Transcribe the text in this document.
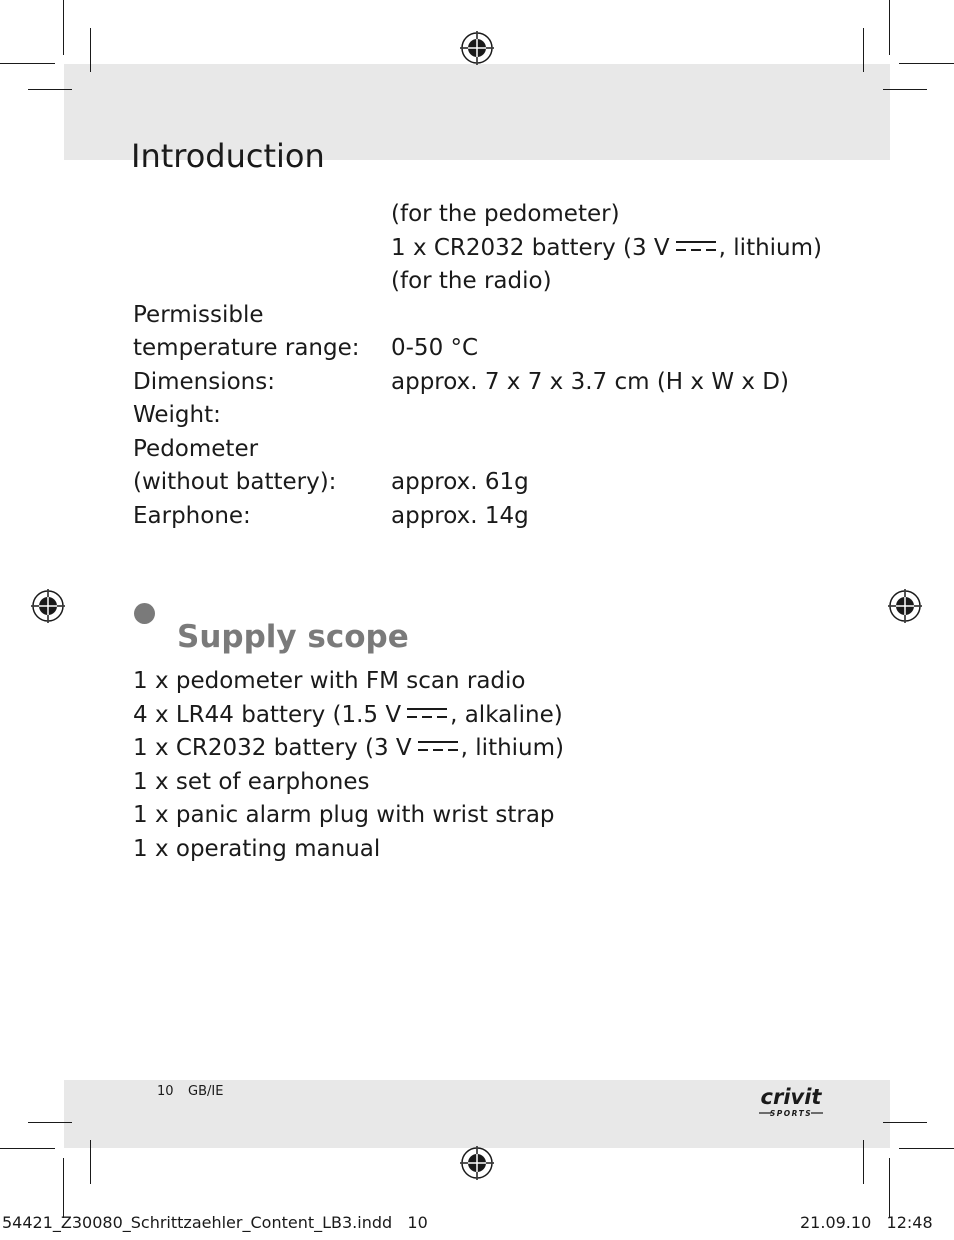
Introduction
(for the pedometer)
1 x CR2032 battery (3 V , lithium)
(for the radio)
Permissible
temperature range: 0-50 °C
Dimensions:	approx. 7 x 7 x 3.7 cm (H x W x D)
Weight:
Pedometer
(without battery): approx. 61g
Earphone:	approx. 14g
Supply scope
1 x pedometer with FM scan radio
4 x LR44 battery (1.5 V , alkaline)
1 x CR2032 battery (3 V , lithium)
1 x set of earphones
1 x panic alarm plug with wrist strap
1 x operating manual
10 GB/IE	crivit
SPORTS
54421_Z30080_Schrittzaehler_Content_LB3.indd   10	21.09.10   12:48
